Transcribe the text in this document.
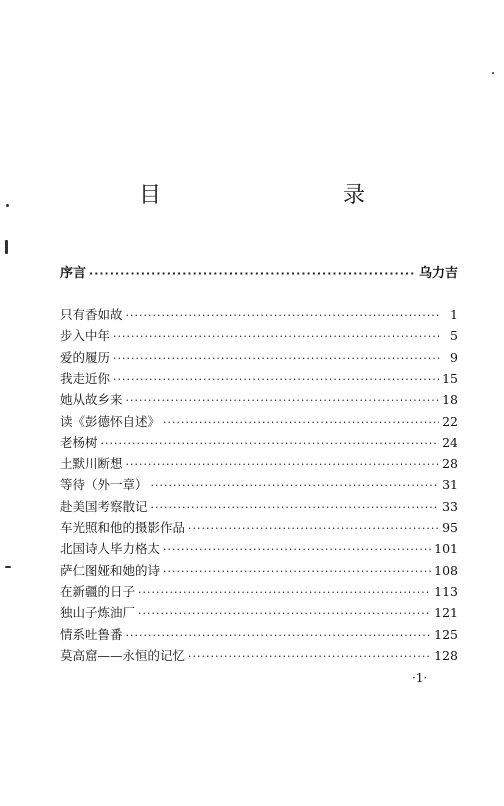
目　录
序言 ·····	乌力吉
只有香如故 ·····	1
步入中年 ·····	5
爱的履历 ·····	9
我走近你 ·····	15
她从故乡来 ·····	18
读《彭德怀自述》 ·····	22
老杨树 ·····	24
土默川断想 ·····	28
等待（外一章） ·····	31
赴美国考察散记 ·····	33
车光照和他的摄影作品 ·····	95
北国诗人毕力格太 ·····	101
萨仁图娅和她的诗 ·····	108
在新疆的日子 ·····	113
独山子炼油厂 ·····	121
情系吐鲁番 ·····	125
莫高窟——永恒的记忆 ·····	128
·1·
